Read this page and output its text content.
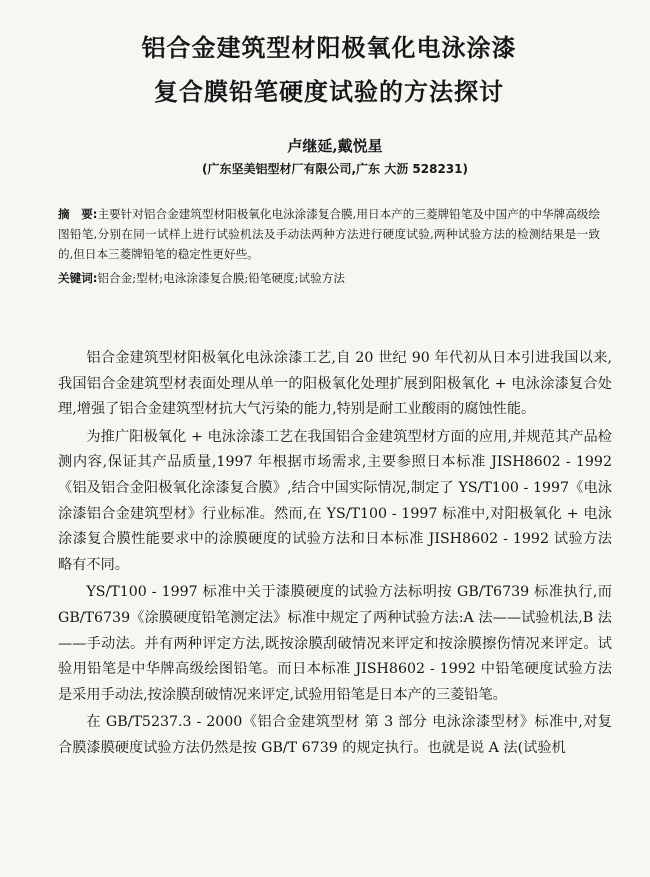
铝合金建筑型材阳极氧化电泳涂漆
复合膜铅笔硬度试验的方法探讨
卢继延,戴悦星
(广东坚美铝型材厂有限公司,广东 大沥 528231)
摘　要:主要针对铝合金建筑型材阳极氧化电泳涂漆复合膜,用日本产的三菱牌铅笔及中国产的中华牌高级绘图铅笔,分别在同一试样上进行试验机法及手动法两种方法进行硬度试验,两种试验方法的检测结果是一致的,但日本三菱牌铅笔的稳定性更好些。
关键词:铝合金;型材;电泳涂漆复合膜;铅笔硬度;试验方法

铝合金建筑型材阳极氧化电泳涂漆工艺,自 20 世纪 90 年代初从日本引进我国以来,我国铝合金建筑型材表面处理从单一的阳极氧化处理扩展到阳极氧化 + 电泳涂漆复合处理,增强了铝合金建筑型材抗大气污染的能力,特别是耐工业酸雨的腐蚀性能。

为推广阳极氧化 + 电泳涂漆工艺在我国铝合金建筑型材方面的应用,并规范其产品检测内容,保证其产品质量,1997 年根据市场需求,主要参照日本标准 JISH8602 - 1992《铝及铝合金阳极氧化涂漆复合膜》,结合中国实际情况,制定了 YS/T100 - 1997《电泳涂漆铝合金建筑型材》行业标准。然而,在 YS/T100 - 1997 标准中,对阳极氧化 + 电泳涂漆复合膜性能要求中的涂膜硬度的试验方法和日本标准 JISH8602 - 1992 试验方法略有不同。

YS/T100 - 1997 标准中关于漆膜硬度的试验方法标明按 GB/T6739 标准执行,而 GB/T6739《涂膜硬度铅笔测定法》标准中规定了两种试验方法:A 法——试验机法,B 法——手动法。并有两种评定方法,既按涂膜刮破情况来评定和按涂膜擦伤情况来评定。试验用铅笔是中华牌高级绘图铅笔。而日本标准 JISH8602 - 1992 中铅笔硬度试验方法是采用手动法,按涂膜刮破情况来评定,试验用铅笔是日本产的三菱铅笔。

在 GB/T5237.3 - 2000《铝合金建筑型材 第 3 部分 电泳涂漆型材》标准中,对复合膜漆膜硬度试验方法仍然是按 GB/T 6739 的规定执行。也就是说 A 法(试验机
